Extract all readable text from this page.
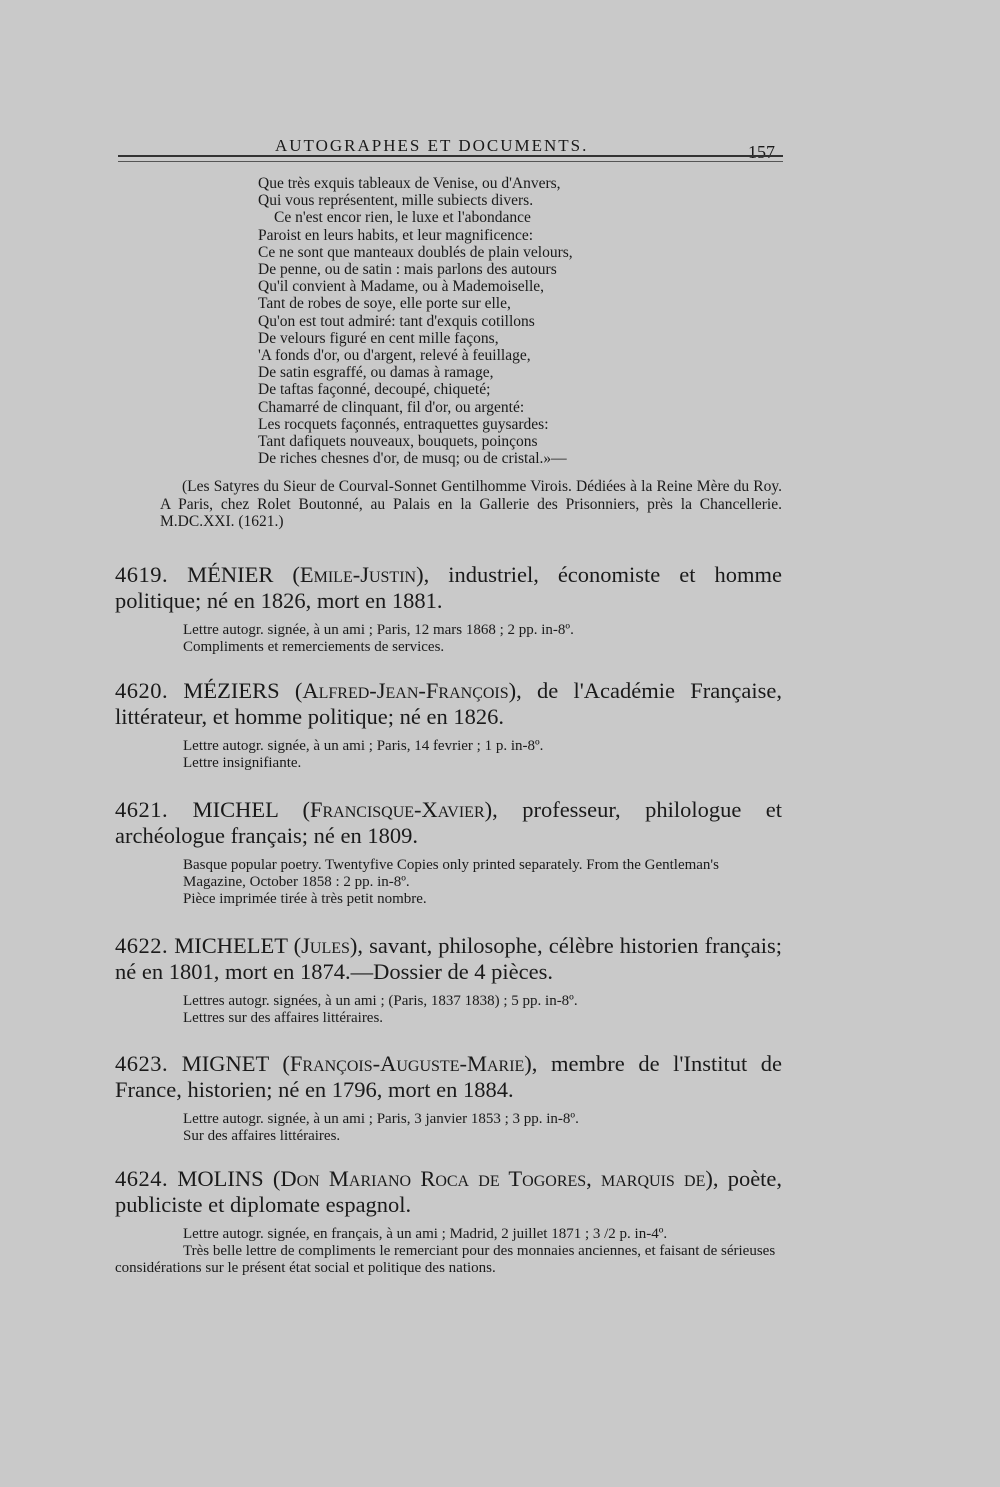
AUTOGRAPHES ET DOCUMENTS.	157
Que très exquis tableaux de Venise, ou d'Anvers,
Qui vous représentent, mille subiects divers.
Ce n'est encor rien, le luxe et l'abondance
Paroist en leurs habits, et leur magnificence:
Ce ne sont que manteaux doublés de plain velours,
De penne, ou de satin : mais parlons des autours
Qu'il convient à Madame, ou à Mademoiselle,
Tant de robes de soye, elle porte sur elle,
Qu'on est tout admiré: tant d'exquis cotillons
De velours figuré en cent mille façons,
'A fonds d'or, ou d'argent, relevé à feuillage,
De satin esgraffé, ou damas à ramage,
De taftas façonné, decoupé, chiqueté;
Chamarré de clinquant, fil d'or, ou argenté:
Les rocquets façonnés, entraquettes guysardes:
Tant dafiquets nouveaux, bouquets, poinçons
De riches chesnes d'or, de musq; ou de cristal.»—
(Les Satyres du Sieur de Courval-Sonnet Gentilhomme Virois. Dédiées à la Reine Mère du Roy. A Paris, chez Rolet Boutonné, au Palais en la Gallerie des Prisonniers, près la Chancellerie. M.DC.XXI. (1621.)
4619. MÉNIER (Emile-Justin), industriel, économiste et homme politique; né en 1826, mort en 1881.
Lettre autogr. signée, à un ami ; Paris, 12 mars 1868 ; 2 pp. in-8º.
Compliments et remerciements de services.
4620. MÉZIERS (Alfred-Jean-François), de l'Académie Française, littérateur, et homme politique; né en 1826.
Lettre autogr. signée, à un ami ; Paris, 14 fevrier ; 1 p. in-8º.
Lettre insignifiante.
4621. MICHEL (Francisque-Xavier), professeur, philologue et archéologue français; né en 1809.
Basque popular poetry. Twentyfive Copies only printed separately. From the Gentleman's Magazine, October 1858 : 2 pp. in-8º.
Pièce imprimée tirée à très petit nombre.
4622. MICHELET (Jules), savant, philosophe, célèbre historien français; né en 1801, mort en 1874.—Dossier de 4 pièces.
Lettres autogr. signées, à un ami ; (Paris, 1837 1838) ; 5 pp. in-8º.
Lettres sur des affaires littéraires.
4623. MIGNET (François-Auguste-Marie), membre de l'Institut de France, historien; né en 1796, mort en 1884.
Lettre autogr. signée, à un ami ; Paris, 3 janvier 1853 ; 3 pp. in-8º.
Sur des affaires littéraires.
4624. MOLINS (Don Mariano Roca de Togores, marquis de), poète, publiciste et diplomate espagnol.
Lettre autogr. signée, en français, à un ami ; Madrid, 2 juillet 1871 ; 3 /2 p. in-4º.
Très belle lettre de compliments le remerciant pour des monnaies anciennes, et faisant de sérieuses considérations sur le présent état social et politique des nations.
